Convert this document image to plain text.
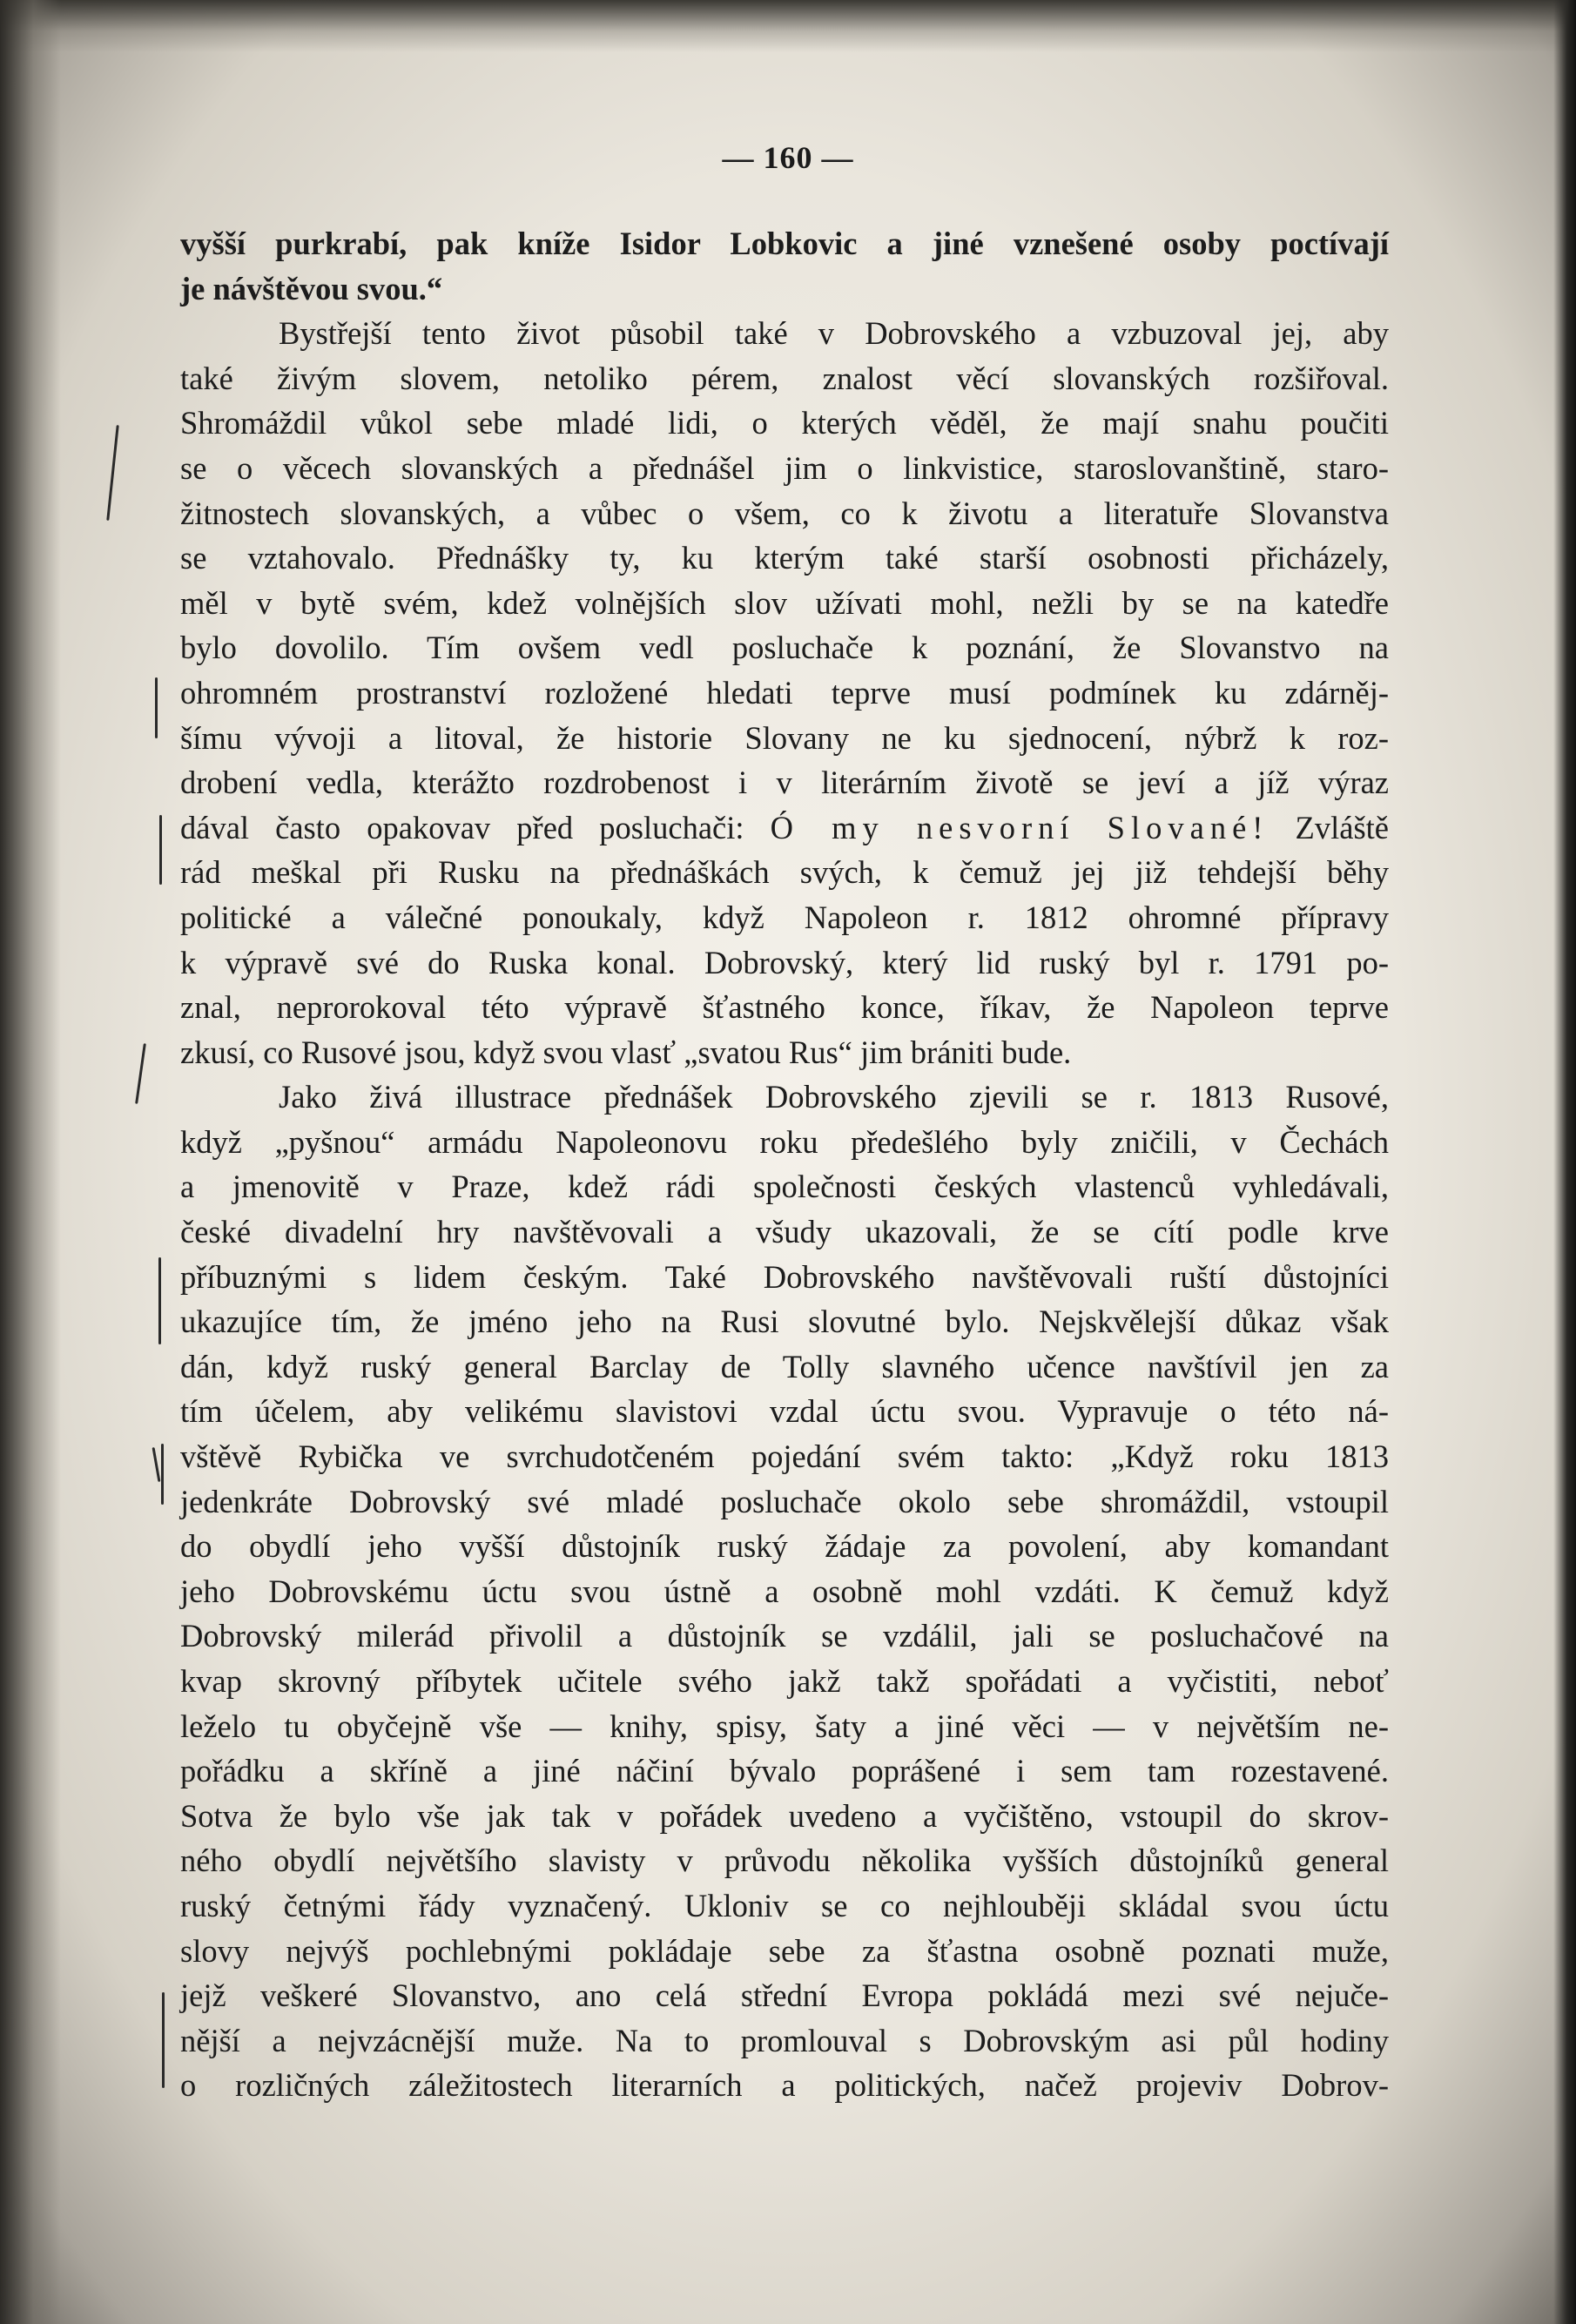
— 160 —
vyšší purkrabí, pak kníže Isidor Lobkovic a jiné vznešené osoby poctívají
je návštěvou svou.“
Bystřejší tento život působil také v Dobrovského a vzbuzoval jej, aby
také živým slovem, netoliko pérem, znalost věcí slovanských rozšiřoval.
Shromáždil vůkol sebe mladé lidi, o kterých věděl, že mají snahu poučiti
se o věcech slovanských a přednášel jim o linkvistice, staroslovanštině, staro-
žitnostech slovanských, a vůbec o všem, co k životu a literatuře Slovanstva
se vztahovalo. Přednášky ty, ku kterým také starší osobnosti přicházely,
měl v bytě svém, kdež volnějších slov užívati mohl, nežli by se na katedře
bylo dovolilo. Tím ovšem vedl posluchače k poznání, že Slovanstvo na
ohromném prostranství rozložené hledati teprve musí podmínek ku zdárněj-
šímu vývoji a litoval, že historie Slovany ne ku sjednocení, nýbrž k roz-
drobení vedla, kterážto rozdrobenost i v literárním životě se jeví a jíž výraz
dával často opakovav před posluchači: Ó my nesvorní Slované! Zvláště
rád meškal při Rusku na přednáškách svých, k čemuž jej již tehdejší běhy
politické a válečné ponoukaly, když Napoleon r. 1812 ohromné přípravy
k výpravě své do Ruska konal. Dobrovský, který lid ruský byl r. 1791 po-
znal, neprorokoval této výpravě šťastného konce, říkav, že Napoleon teprve
zkusí, co Rusové jsou, když svou vlasť „svatou Rus“ jim brániti bude.
Jako živá illustrace přednášek Dobrovského zjevili se r. 1813 Rusové,
když „pyšnou“ armádu Napoleonovu roku předešlého byly zničili, v Čechách
a jmenovitě v Praze, kdež rádi společnosti českých vlastenců vyhledávali,
české divadelní hry navštěvovali a všudy ukazovali, že se cítí podle krve
příbuznými s lidem českým. Také Dobrovského navštěvovali ruští důstojníci
ukazujíce tím, že jméno jeho na Rusi slovutné bylo. Nejskvělejší důkaz však
dán, když ruský general Barclay de Tolly slavného učence navštívil jen za
tím účelem, aby velikému slavistovi vzdal úctu svou. Vypravuje o této ná-
vštěvě Rybička ve svrchudotčeném pojedání svém takto: „Když roku 1813
jedenkráte Dobrovský své mladé posluchače okolo sebe shromáždil, vstoupil
do obydlí jeho vyšší důstojník ruský žádaje za povolení, aby komandant
jeho Dobrovskému úctu svou ústně a osobně mohl vzdáti. K čemuž když
Dobrovský milerád přivolil a důstojník se vzdálil, jali se posluchačové na
kvap skrovný příbytek učitele svého jakž takž spořádati a vyčistiti, neboť
leželo tu obyčejně vše — knihy, spisy, šaty a jiné věci — v největším ne-
pořádku a skříně a jiné náčiní bývalo poprášené i sem tam rozestavené.
Sotva že bylo vše jak tak v pořádek uvedeno a vyčištěno, vstoupil do skrov-
ného obydlí největšího slavisty v průvodu několika vyšších důstojníků general
ruský četnými řády vyznačený. Ukloniv se co nejhlouběji skládal svou úctu
slovy nejvýš pochlebnými pokládaje sebe za šťastna osobně poznati muže,
jejž veškeré Slovanstvo, ano celá střední Evropa pokládá mezi své nejuče-
nější a nejvzácnější muže. Na to promlouval s Dobrovským asi půl hodiny
o rozličných záležitostech literarních a politických, načež projeviv Dobrov-
